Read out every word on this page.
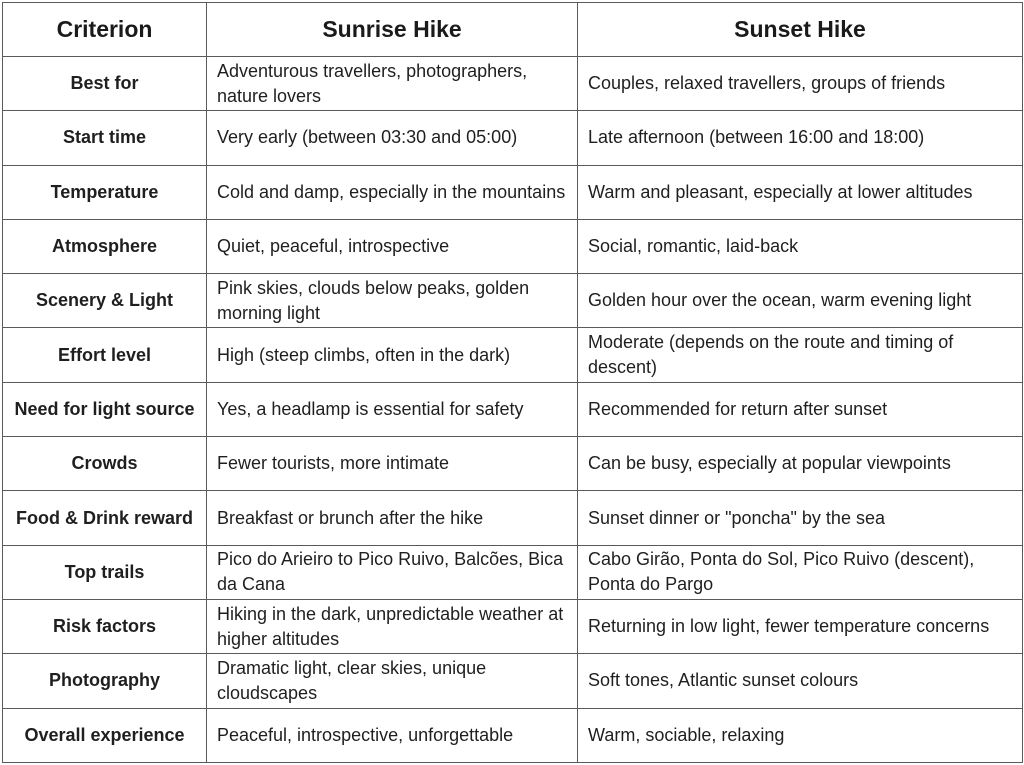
Criterion	Sunrise Hike	Sunset Hike
Best for	Adventurous travellers, photographers, nature lovers	Couples, relaxed travellers, groups of friends
Start time	Very early (between 03:30 and 05:00)	Late afternoon (between 16:00 and 18:00)
Temperature	Cold and damp, especially in the mountains	Warm and pleasant, especially at lower altitudes
Atmosphere	Quiet, peaceful, introspective	Social, romantic, laid-back
Scenery & Light	Pink skies, clouds below peaks, golden morning light	Golden hour over the ocean, warm evening light
Effort level	High (steep climbs, often in the dark)	Moderate (depends on the route and timing of descent)
Need for light source	Yes, a headlamp is essential for safety	Recommended for return after sunset
Crowds	Fewer tourists, more intimate	Can be busy, especially at popular viewpoints
Food & Drink reward	Breakfast or brunch after the hike	Sunset dinner or "poncha" by the sea
Top trails	Pico do Arieiro to Pico Ruivo, Balcões, Bica da Cana	Cabo Girão, Ponta do Sol, Pico Ruivo (descent), Ponta do Pargo
Risk factors	Hiking in the dark, unpredictable weather at higher altitudes	Returning in low light, fewer temperature concerns
Photography	Dramatic light, clear skies, unique cloudscapes	Soft tones, Atlantic sunset colours
Overall experience	Peaceful, introspective, unforgettable	Warm, sociable, relaxing
